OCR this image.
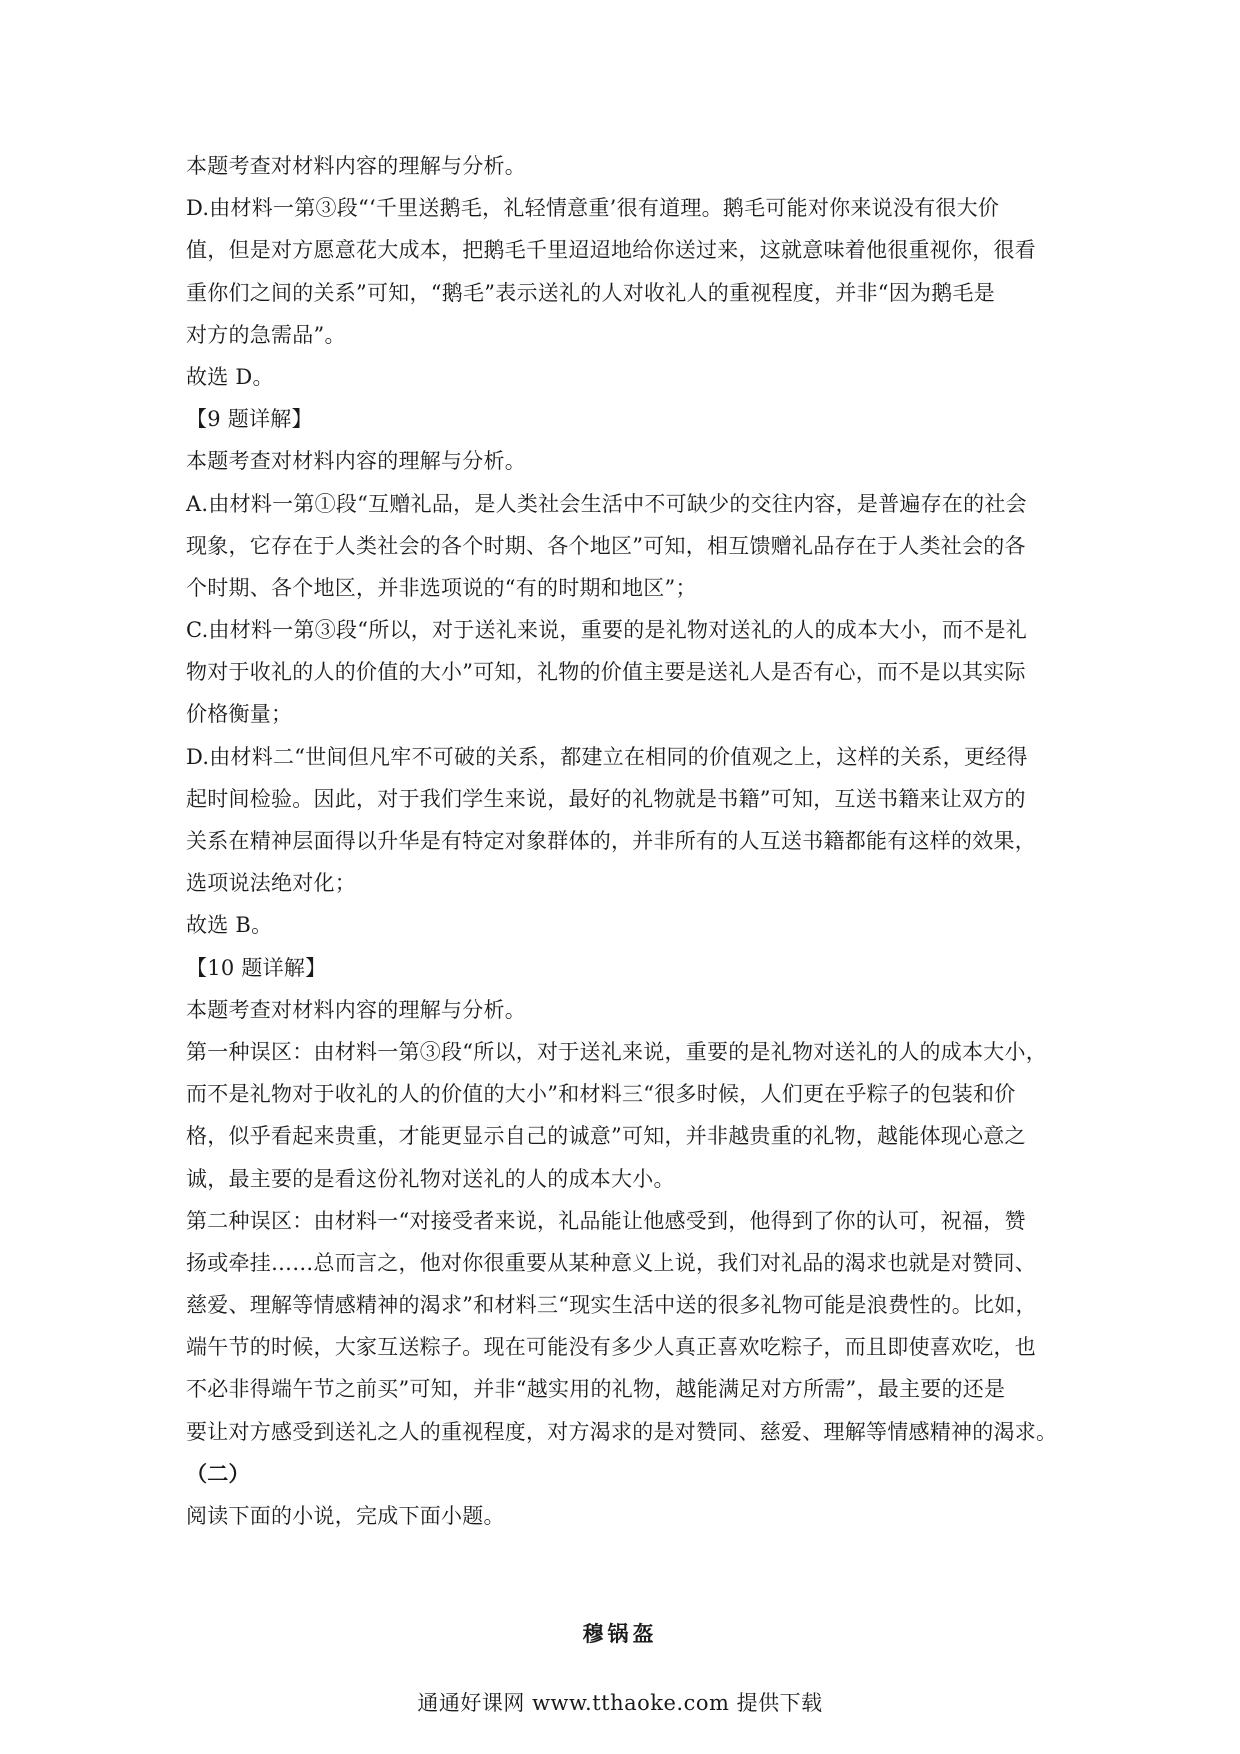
本题考查对材料内容的理解与分析。
D.由材料一第③段“‘千里送鹅毛，礼轻情意重’很有道理。鹅毛可能对你来说没有很大价
值，但是对方愿意花大成本，把鹅毛千里迢迢地给你送过来，这就意味着他很重视你，很看
重你们之间的关系”可知，“鹅毛”表示送礼的人对收礼人的重视程度，并非“因为鹅毛是
对方的急需品”。
故选 D。
【9 题详解】
本题考查对材料内容的理解与分析。
A.由材料一第①段“互赠礼品，是人类社会生活中不可缺少的交往内容，是普遍存在的社会
现象，它存在于人类社会的各个时期、各个地区”可知，相互馈赠礼品存在于人类社会的各
个时期、各个地区，并非选项说的“有的时期和地区”；
C.由材料一第③段“所以，对于送礼来说，重要的是礼物对送礼的人的成本大小，而不是礼
物对于收礼的人的价值的大小”可知，礼物的价值主要是送礼人是否有心，而不是以其实际
价格衡量；
D.由材料二“世间但凡牢不可破的关系，都建立在相同的价值观之上，这样的关系，更经得
起时间检验。因此，对于我们学生来说，最好的礼物就是书籍”可知，互送书籍来让双方的
关系在精神层面得以升华是有特定对象群体的，并非所有的人互送书籍都能有这样的效果，
选项说法绝对化；
故选 B。
【10 题详解】
本题考查对材料内容的理解与分析。
第一种误区：由材料一第③段“所以，对于送礼来说，重要的是礼物对送礼的人的成本大小，
而不是礼物对于收礼的人的价值的大小”和材料三“很多时候，人们更在乎粽子的包装和价
格，似乎看起来贵重，才能更显示自己的诚意”可知，并非越贵重的礼物，越能体现心意之
诚，最主要的是看这份礼物对送礼的人的成本大小。
第二种误区：由材料一“对接受者来说，礼品能让他感受到，他得到了你的认可，祝福，赞
扬或牵挂……总而言之，他对你很重要从某种意义上说，我们对礼品的渴求也就是对赞同、
慈爱、理解等情感精神的渴求”和材料三“现实生活中送的很多礼物可能是浪费性的。比如，
端午节的时候，大家互送粽子。现在可能没有多少人真正喜欢吃粽子，而且即使喜欢吃，也
不必非得端午节之前买”可知，并非“越实用的礼物，越能满足对方所需”，最主要的还是
要让对方感受到送礼之人的重视程度，对方渴求的是对赞同、慈爱、理解等情感精神的渴求。
（二）
阅读下面的小说，完成下面小题。
穆锅盔
通通好课网 www.tthaoke.com 提供下载
